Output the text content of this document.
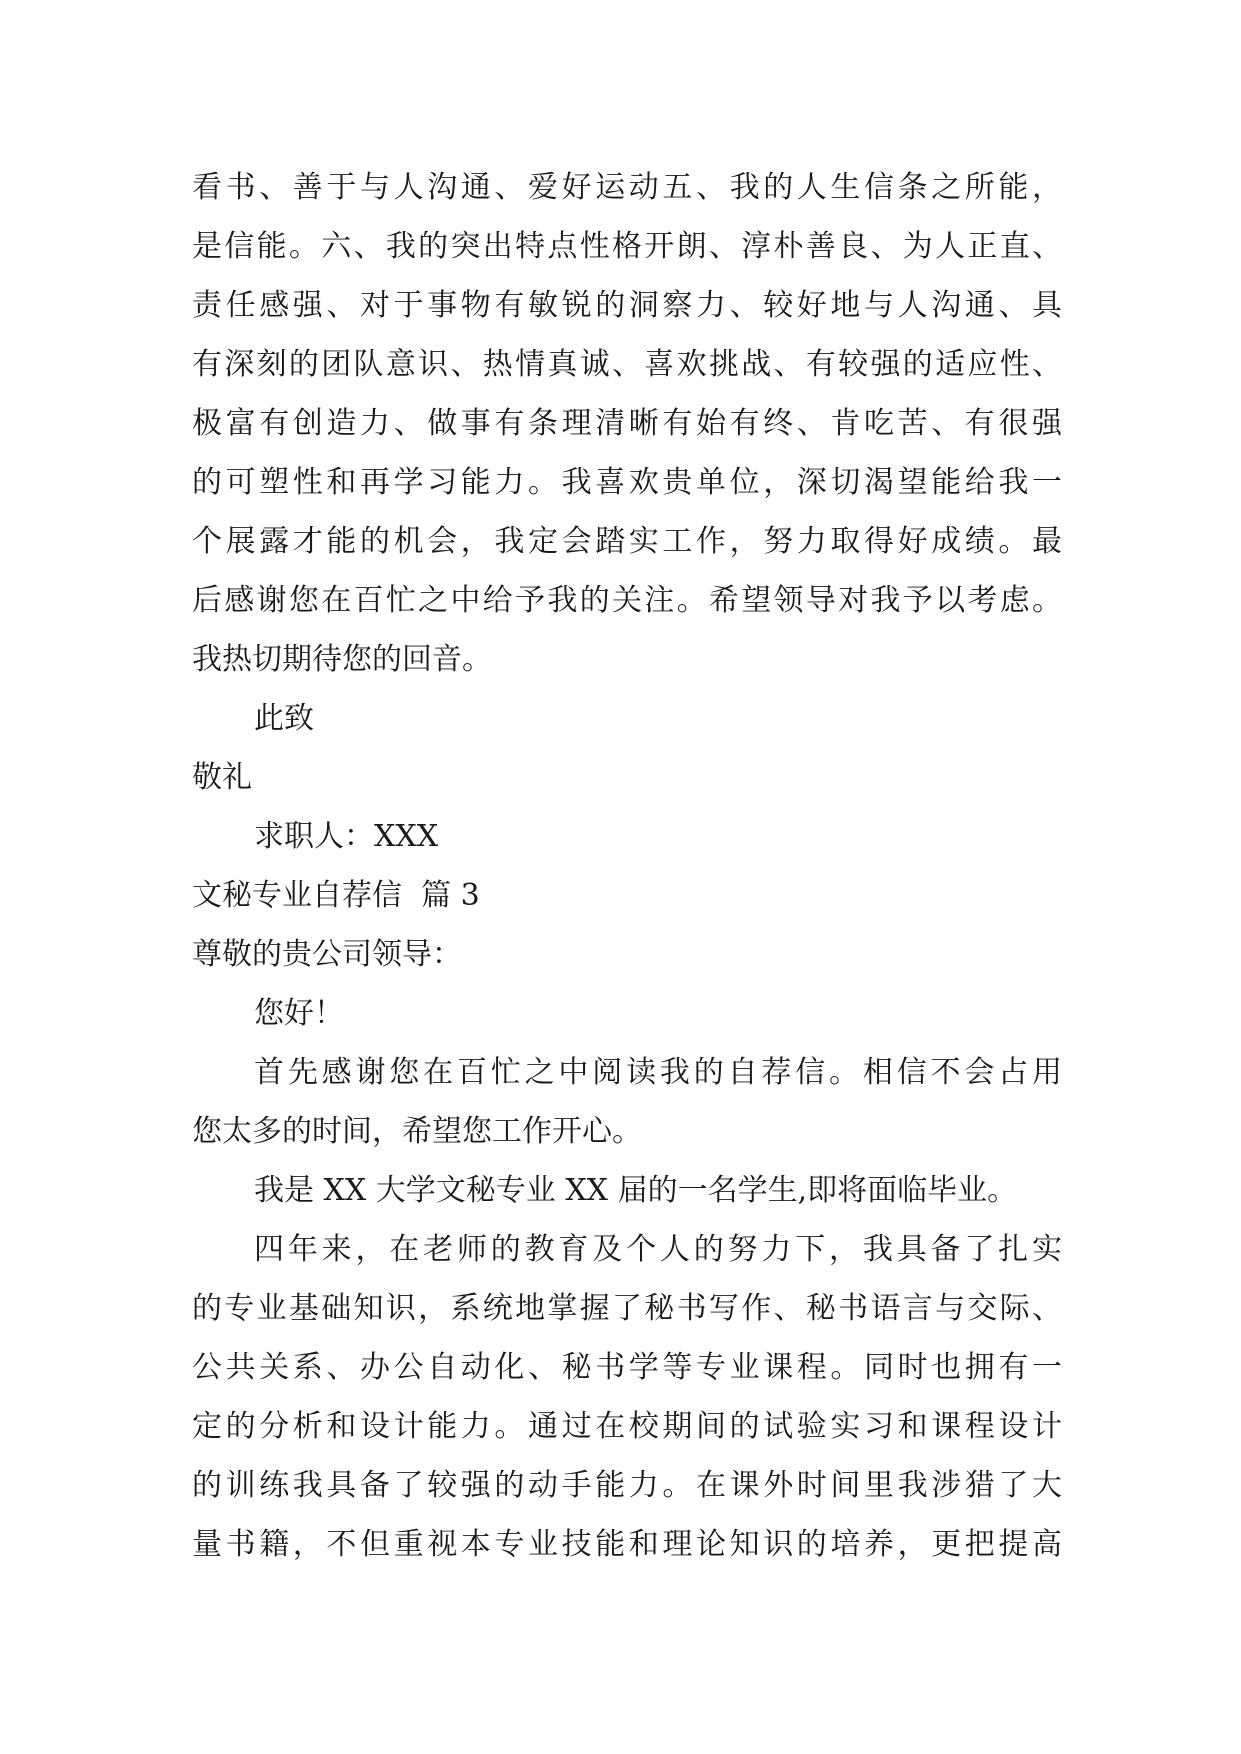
看书、善于与人沟通、爱好运动五、我的人生信条之所能，
是信能。六、我的突出特点性格开朗、淳朴善良、为人正直、
责任感强、对于事物有敏锐的洞察力、较好地与人沟通、具
有深刻的团队意识、热情真诚、喜欢挑战、有较强的适应性、
极富有创造力、做事有条理清晰有始有终、肯吃苦、有很强
的可塑性和再学习能力。我喜欢贵单位，深切渴望能给我一
个展露才能的机会，我定会踏实工作，努力取得好成绩。最
后感谢您在百忙之中给予我的关注。希望领导对我予以考虑。
我热切期待您的回音。
此致
敬礼
求职人：XXX
文秘专业自荐信  篇 3
尊敬的贵公司领导：
您好！
首先感谢您在百忙之中阅读我的自荐信。相信不会占用
您太多的时间，希望您工作开心。
我是 XX 大学文秘专业 XX 届的一名学生,即将面临毕业。
四年来，在老师的教育及个人的努力下，我具备了扎实
的专业基础知识，系统地掌握了秘书写作、秘书语言与交际、
公共关系、办公自动化、秘书学等专业课程。同时也拥有一
定的分析和设计能力。通过在校期间的试验实习和课程设计
的训练我具备了较强的动手能力。在课外时间里我涉猎了大
量书籍，不但重视本专业技能和理论知识的培养，更把提高
